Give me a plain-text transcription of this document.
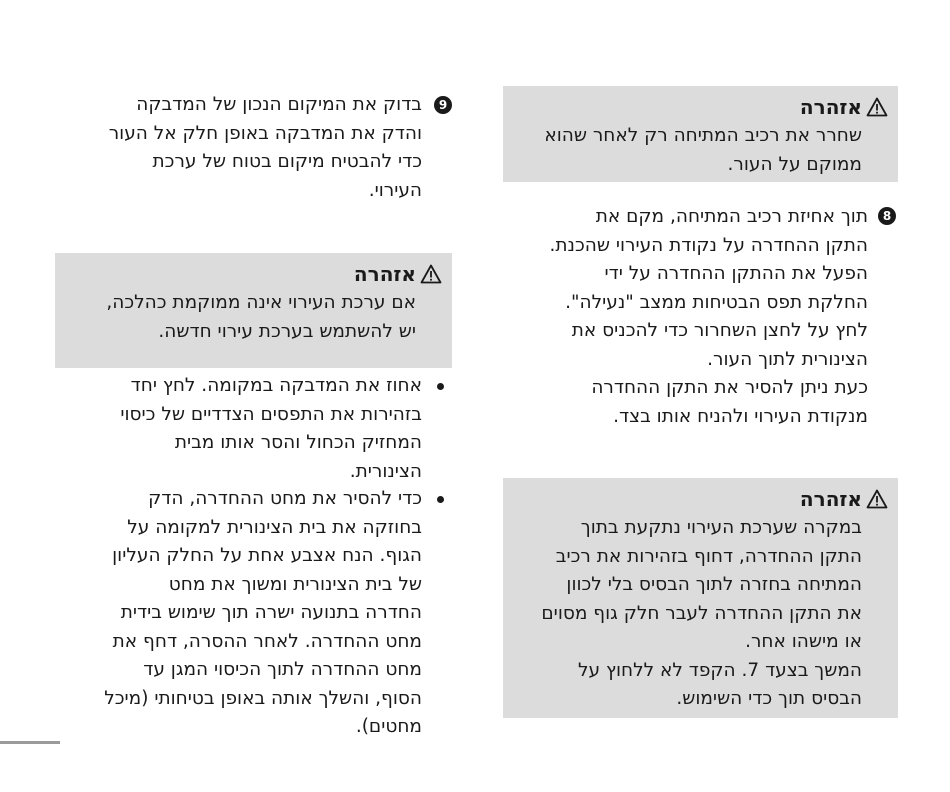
אזהרה

שחרר את רכיב המתיחה רק לאחר שהוא
ממוקם על העור.

8

תוך אחיזת רכיב המתיחה, מקם את
התקן ההחדרה על נקודת העירוי שהכנת.
הפעל את ההתקן ההחדרה על ידי
החלקת תפס הבטיחות ממצב "נעילה".
לחץ על לחצן השחרור כדי להכניס את
הצינורית לתוך העור.
כעת ניתן להסיר את התקן ההחדרה
מנקודת העירוי ולהניח אותו בצד.

אזהרה

במקרה שערכת העירוי נתקעת בתוך
התקן ההחדרה, דחוף בזהירות את רכיב
המתיחה בחזרה לתוך הבסיס בלי לכוון
את התקן ההחדרה לעבר חלק גוף מסוים
או מישהו אחר.
המשך בצעד 7. הקפד לא ללחוץ על
הבסיס תוך כדי השימוש.

9

בדוק את המיקום הנכון של המדבקה
והדק את המדבקה באופן חלק אל העור
כדי להבטיח מיקום בטוח של ערכת
העירוי.

אזהרה

אם ערכת העירוי אינה ממוקמת כהלכה,
יש להשתמש בערכת עירוי חדשה.

אחוז את המדבקה במקומה. לחץ יחד
בזהירות את התפסים הצדדיים של כיסוי
המחזיק הכחול והסר אותו מבית
הצינורית.

כדי להסיר את מחט ההחדרה, הדק
בחוזקה את בית הצינורית למקומה על
הגוף. הנח אצבע אחת על החלק העליון
של בית הצינורית ומשוך את מחט
החדרה בתנועה ישרה תוך שימוש בידית
מחט ההחדרה. לאחר ההסרה, דחף את
מחט ההחדרה לתוך הכיסוי המגן עד
הסוף, והשלך אותה באופן בטיחותי (מיכל
מחטים).
